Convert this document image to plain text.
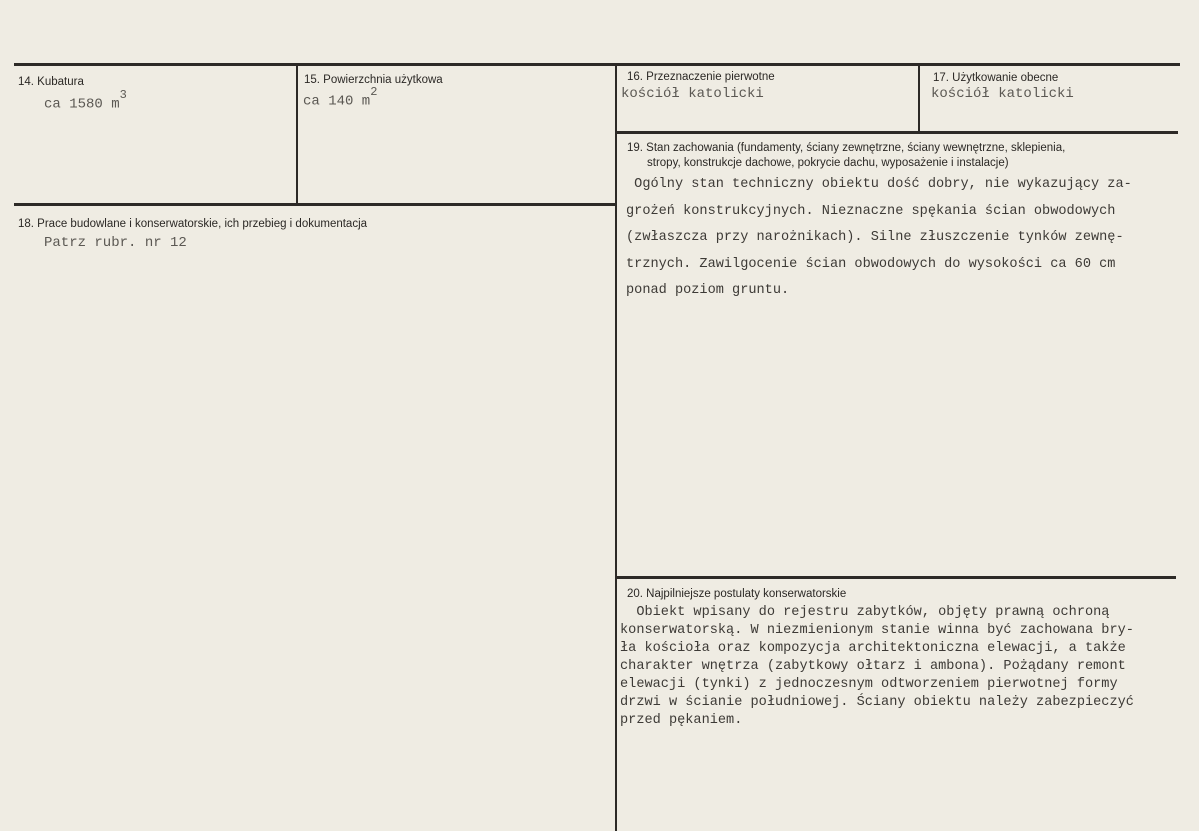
14. Kubatura
ca 1580 $m^3$
15. Powierzchnia użytkowa
ca 140 $m^2$
16. Przeznaczenie pierwotne
kościół katolicki
17. Użytkowanie obecne
kościół katolicki
18. Prace budowlane i konserwatorskie, ich przebieg i dokumentacja
Patrz rubr. nr 12
19. Stan zachowania (fundamenty, ściany zewnętrzne, ściany wewnętrzne, sklepienia,
stropy, konstrukcje dachowe, pokrycie dachu, wyposażenie i instalacje)
Ogólny stan techniczny obiektu dość dobry, nie wykazujący za-
grożeń konstrukcyjnych. Nieznaczne spękania ścian obwodowych
(zwłaszcza przy narożnikach). Silne złuszczenie tynków zewnę-
trznych. Zawilgocenie ścian obwodowych do wysokości ca 60 cm
ponad poziom gruntu.
20. Najpilniejsze postulaty konserwatorskie
Obiekt wpisany do rejestru zabytków, objęty prawną ochroną
konserwatorską. W niezmienionym stanie winna być zachowana bry-
ła kościoła oraz kompozycja architektoniczna elewacji, a także
charakter wnętrza (zabytkowy ołtarz i ambona). Pożądany remont
elewacji (tynki) z jednoczesnym odtworzeniem pierwotnej formy
drzwi w ścianie południowej. Ściany obiektu należy zabezpieczyć
przed pękaniem.
